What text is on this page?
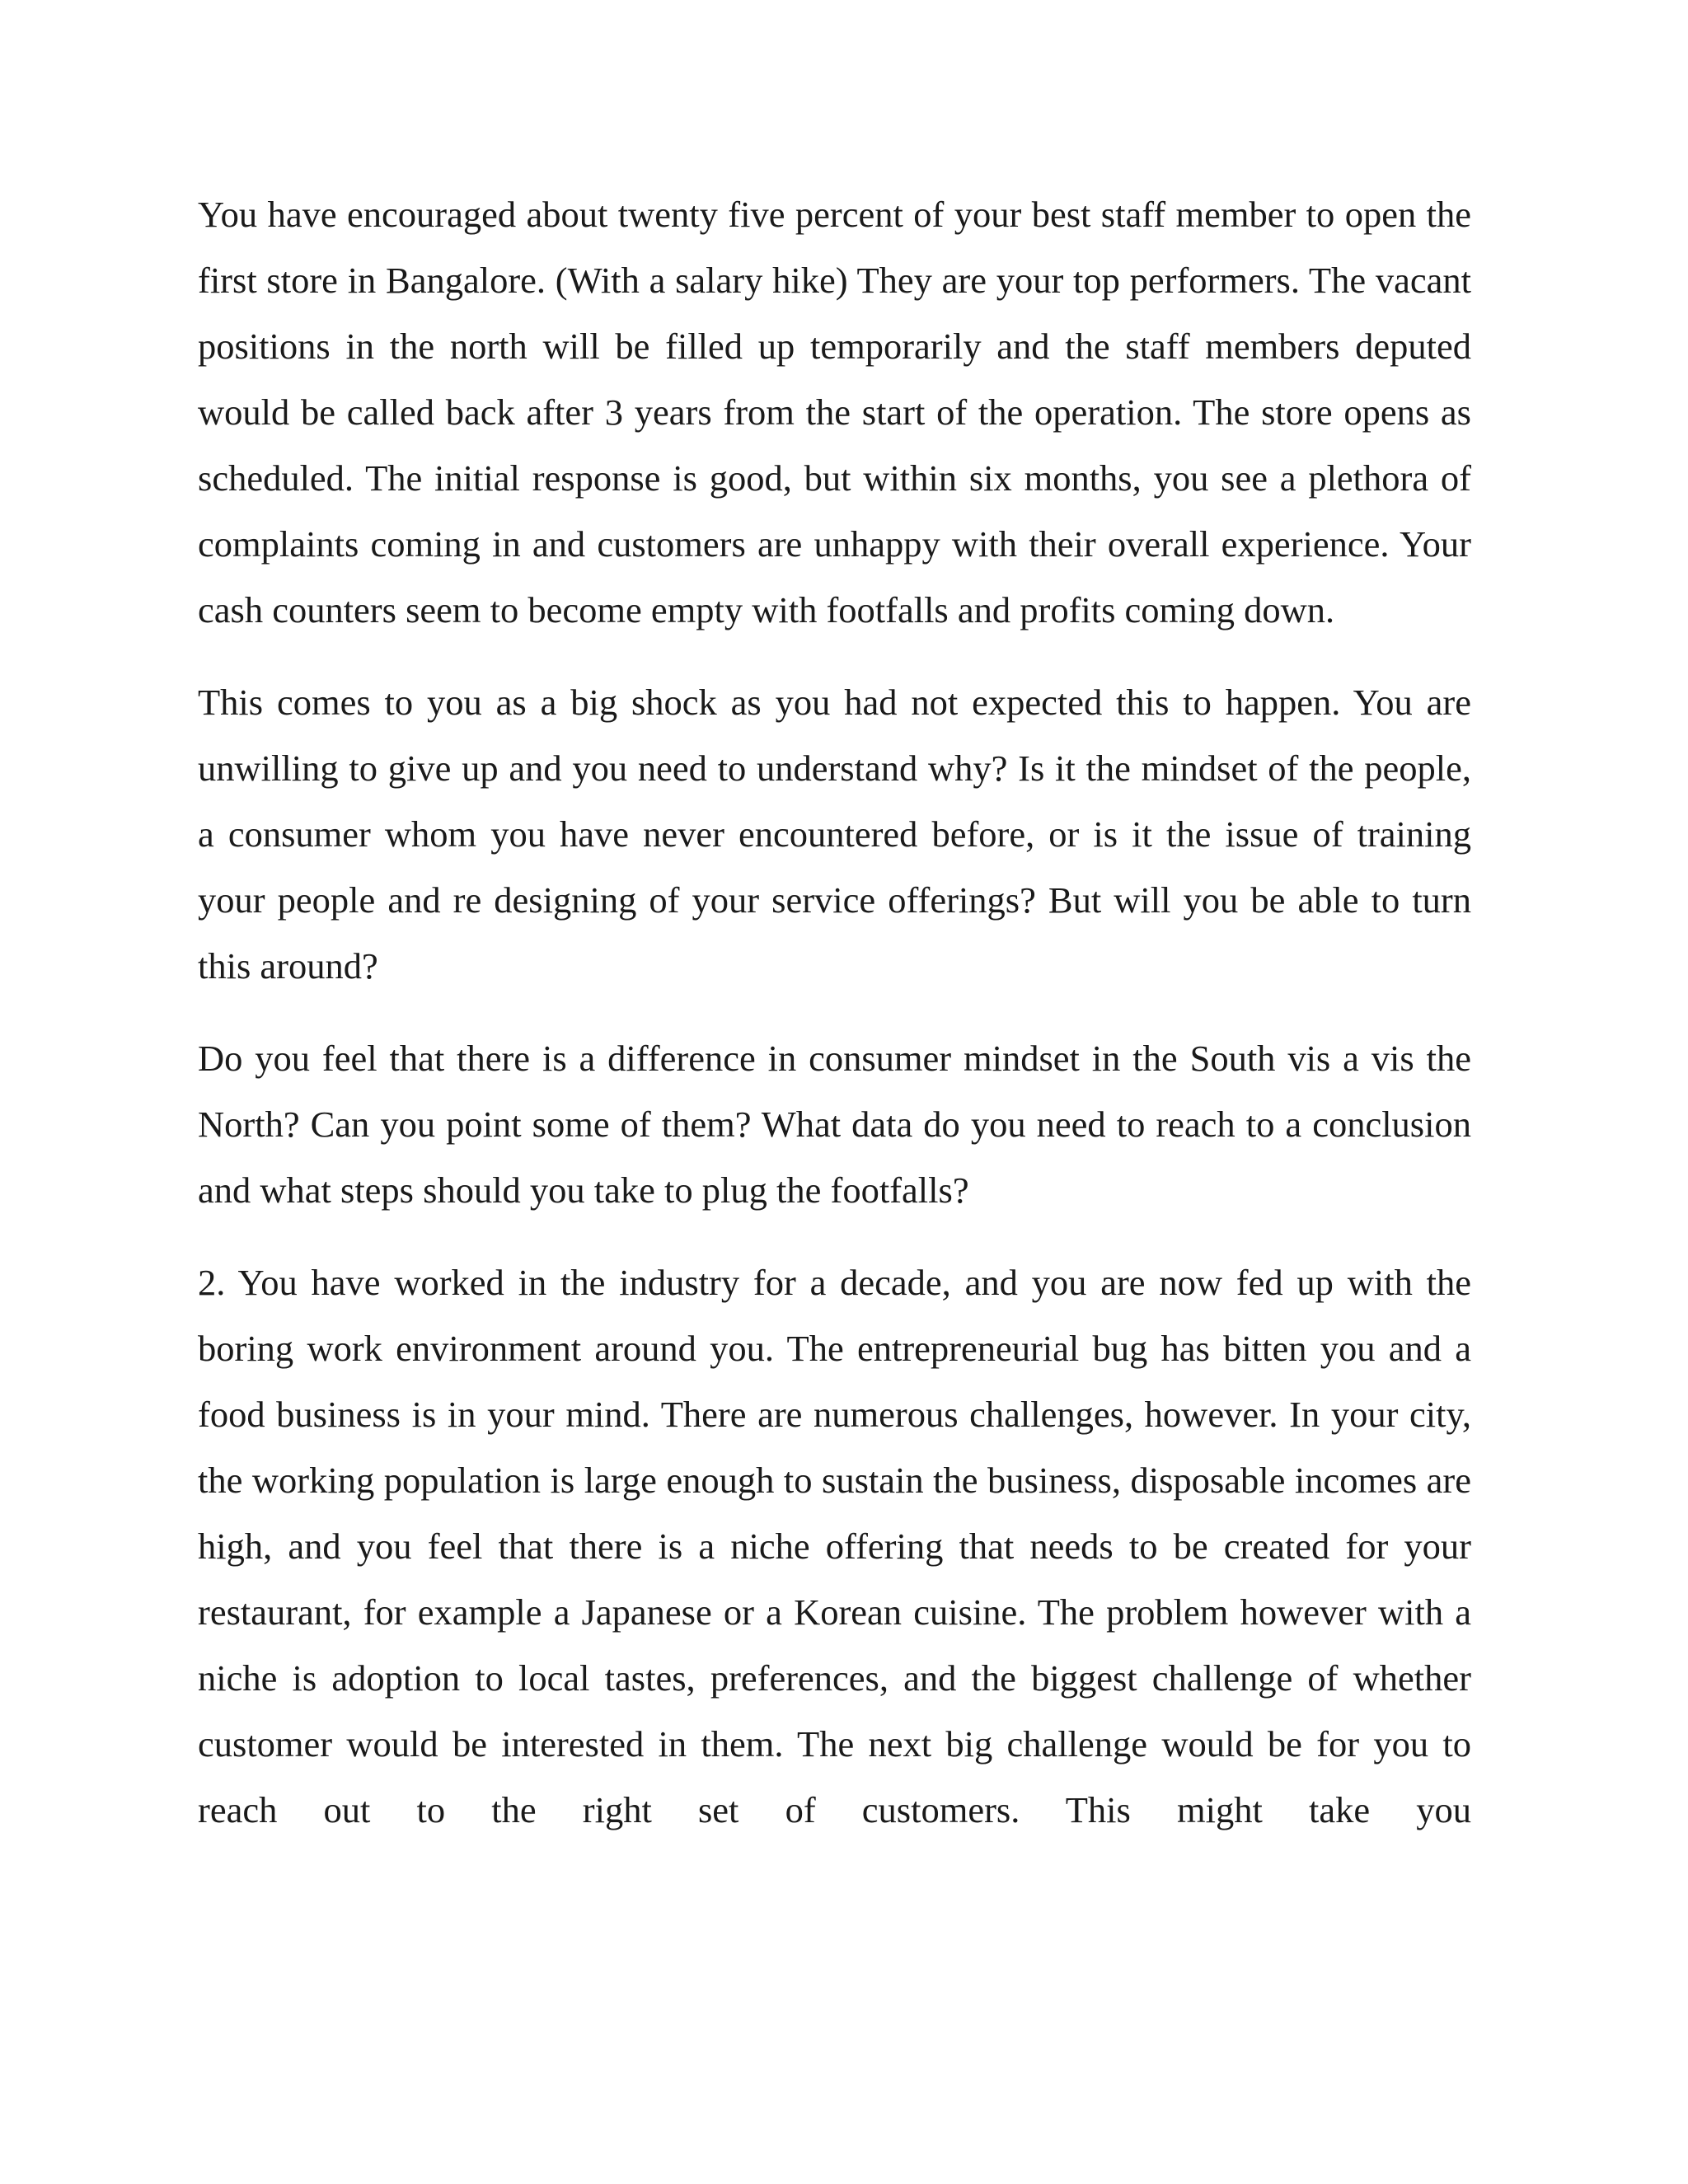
You have encouraged about twenty five percent of your best staff member to open the first store in Bangalore. (With a salary hike) They are your top performers. The vacant positions in the north will be filled up temporarily and the staff members deputed would be called back after 3 years from the start of the operation. The store opens as scheduled. The initial response is good, but within six months, you see a plethora of complaints coming in and customers are unhappy with their overall experience. Your cash counters seem to become empty with footfalls and profits coming down.

This comes to you as a big shock as you had not expected this to happen. You are unwilling to give up and you need to understand why? Is it the mindset of the people, a consumer whom you have never encountered before, or is it the issue of training your people and re designing of your service offerings? But will you be able to turn this around?

Do you feel that there is a difference in consumer mindset in the South vis a vis the North? Can you point some of them? What data do you need to reach to a conclusion and what steps should you take to plug the footfalls?

2. You have worked in the industry for a decade, and you are now fed up with the boring work environment around you. The entrepreneurial bug has bitten you and a food business is in your mind. There are numerous challenges, however. In your city, the working population is large enough to sustain the business, disposable incomes are high, and you feel that there is a niche offering that needs to be created for your restaurant, for example a Japanese or a Korean cuisine. The problem however with a niche is adoption to local tastes, preferences, and the biggest challenge of whether customer would be interested in them. The next big challenge would be for you to reach out to the right set of customers. This might take you
